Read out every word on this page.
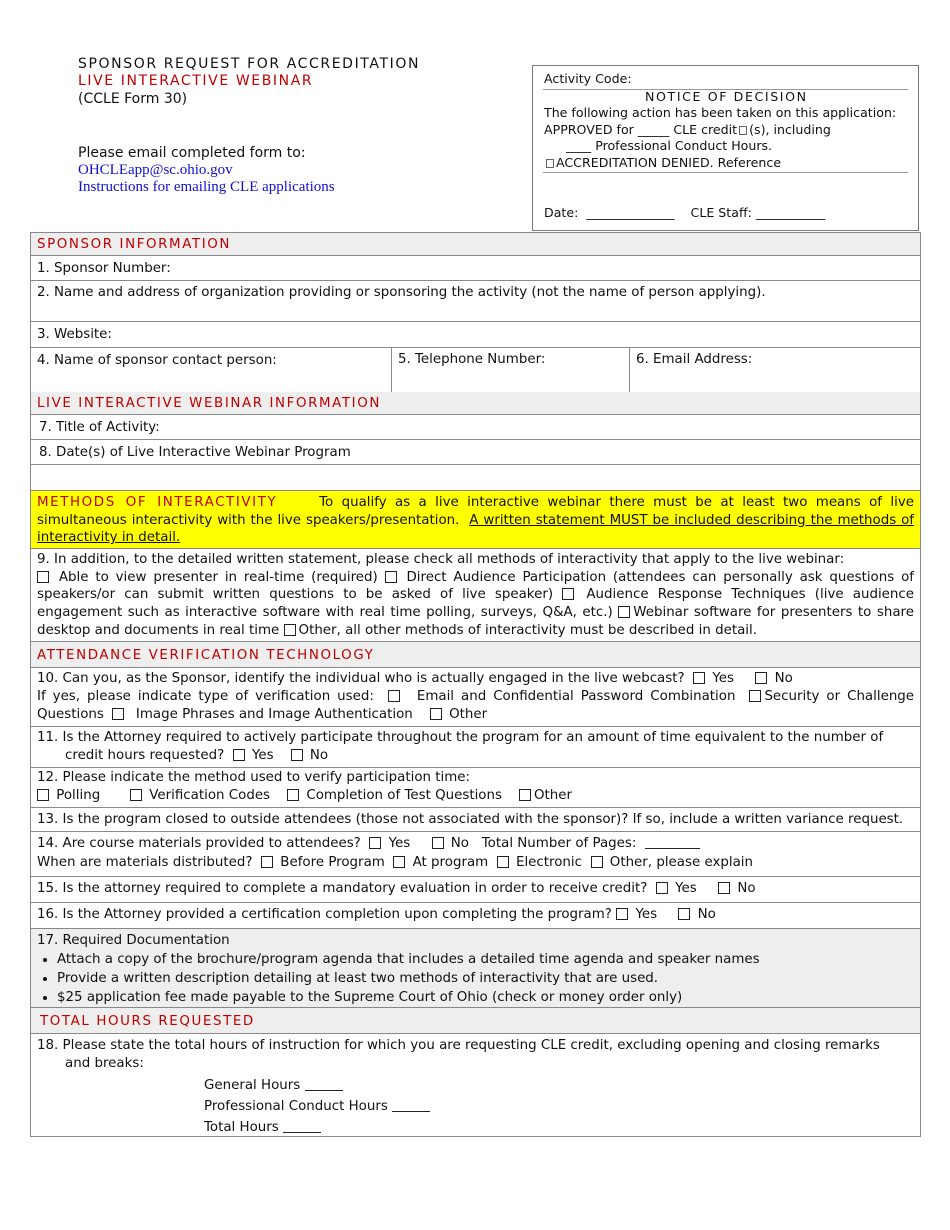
SPONSOR REQUEST FOR ACCREDITATION
LIVE INTERACTIVE WEBINAR
(CCLE Form 30)
Please email completed form to:
OHCLEapp@sc.ohio.gov
Instructions for emailing CLE applications
Activity Code:
NOTICE OF DECISION
The following action has been taken on this application:
APPROVED for _____ CLE credit (s), including
____ Professional Conduct Hours.
ACCREDITATION DENIED. Reference
Date:  ______________    CLE Staff: ___________
SPONSOR INFORMATION
1. Sponsor Number:
2. Name and address of organization providing or sponsoring the activity (not the name of person applying).
3. Website:
4. Name of sponsor contact person:	5. Telephone Number:	6. Email Address:
LIVE INTERACTIVE WEBINAR INFORMATION
7. Title of Activity:
8. Date(s) of Live Interactive Webinar Program
METHODS OF INTERACTIVITY	To qualify as a live interactive webinar there must be at least two means of live simultaneous interactivity with the live speakers/presentation. A written statement MUST be included describing the methods of interactivity in detail.
9. In addition, to the detailed written statement, please check all methods of interactivity that apply to the live webinar:
Able to view presenter in real-time (required) Direct Audience Participation (attendees can personally ask questions of speakers/or can submit written questions to be asked of live speaker) Audience Response Techniques (live audience engagement such as interactive software with real time polling, surveys, Q&A, etc.) Webinar software for presenters to share desktop and documents in real time Other, all other methods of interactivity must be described in detail.
ATTENDANCE VERIFICATION TECHNOLOGY
10. Can you, as the Sponsor, identify the individual who is actually engaged in the live webcast? Yes	No
If yes, please indicate type of verification used:	Email and Confidential Password Combination Security or Challenge Questions Image Phrases and Image Authentication	Other
11. Is the Attorney required to actively participate throughout the program for an amount of time equivalent to the number of
credit hours requested? Yes	No
12. Please indicate the method used to verify participation time:
Polling	Verification Codes	Completion of Test Questions Other
13. Is the program closed to outside attendees (those not associated with the sponsor)? If so, include a written variance request.
14. Are course materials provided to attendees? Yes	No Total Number of Pages:
When are materials distributed? Before Program At program Electronic Other, please explain
15. Is the attorney required to complete a mandatory evaluation in order to receive credit? Yes	No
16. Is the Attorney provided a certification completion upon completing the program? Yes	No
17. Required Documentation
• Attach a copy of the brochure/program agenda that includes a detailed time agenda and speaker names
• Provide a written description detailing at least two methods of interactivity that are used.
• $25 application fee made payable to the Supreme Court of Ohio (check or money order only)
TOTAL HOURS REQUESTED
18. Please state the total hours of instruction for which you are requesting CLE credit, excluding opening and closing remarks
and breaks:
General Hours
Professional Conduct Hours
Total Hours
